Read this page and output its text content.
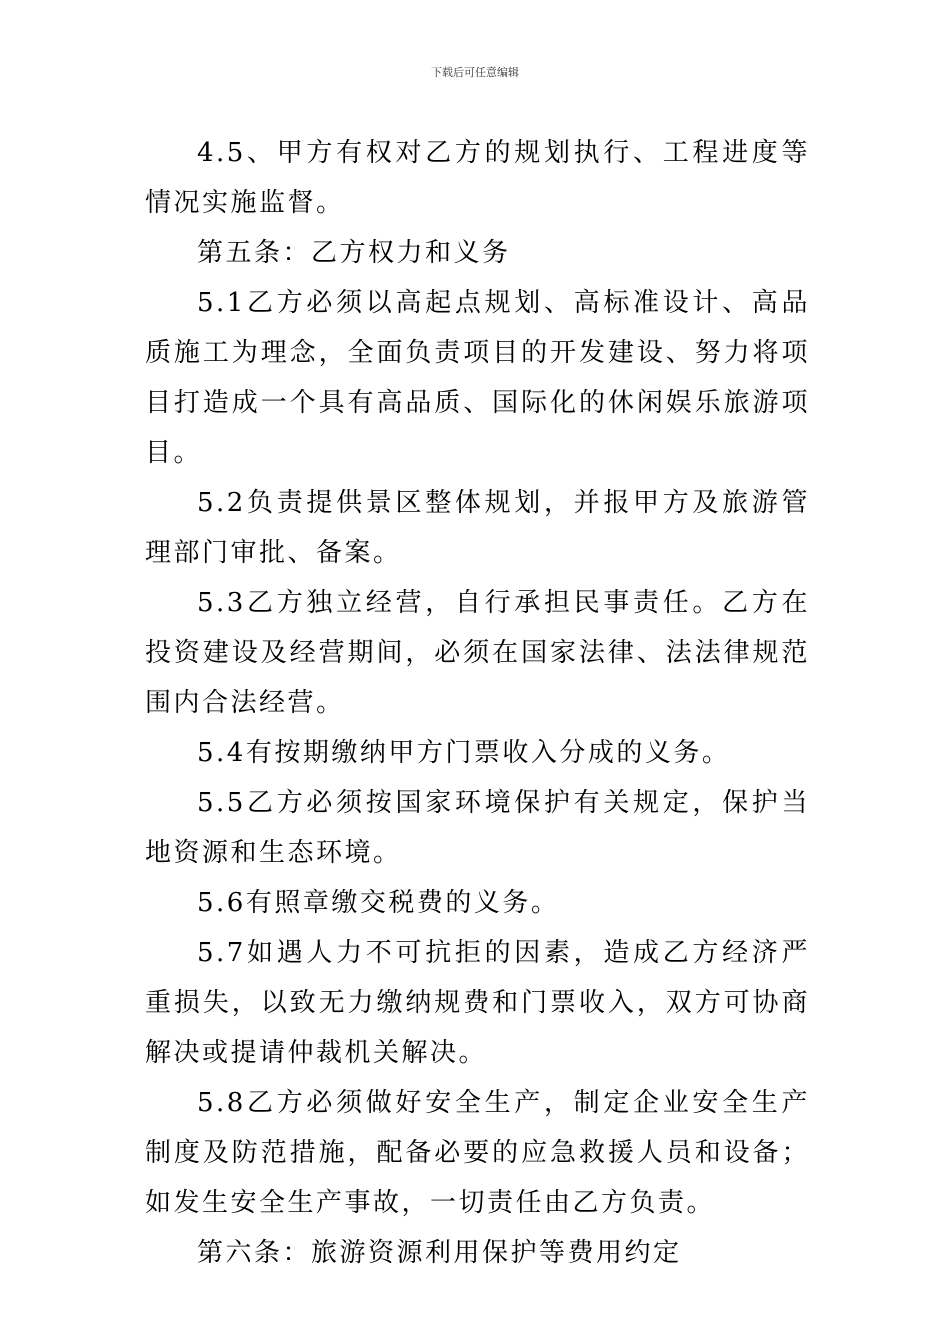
下载后可任意编辑

4.5、甲方有权对乙方的规划执行、工程进度等情况实施监督。

第五条：乙方权力和义务

5.1乙方必须以高起点规划、高标准设计、高品质施工为理念，全面负责项目的开发建设、努力将项目打造成一个具有高品质、国际化的休闲娱乐旅游项目。

5.2负责提供景区整体规划，并报甲方及旅游管理部门审批、备案。

5.3乙方独立经营，自行承担民事责任。乙方在投资建设及经营期间，必须在国家法律、法法律规范围内合法经营。

5.4有按期缴纳甲方门票收入分成的义务。

5.5乙方必须按国家环境保护有关规定，保护当地资源和生态环境。

5.6有照章缴交税费的义务。

5.7如遇人力不可抗拒的因素，造成乙方经济严重损失，以致无力缴纳规费和门票收入，双方可协商解决或提请仲裁机关解决。

5.8乙方必须做好安全生产，制定企业安全生产制度及防范措施，配备必要的应急救援人员和设备；如发生安全生产事故，一切责任由乙方负责。

第六条：旅游资源利用保护等费用约定
